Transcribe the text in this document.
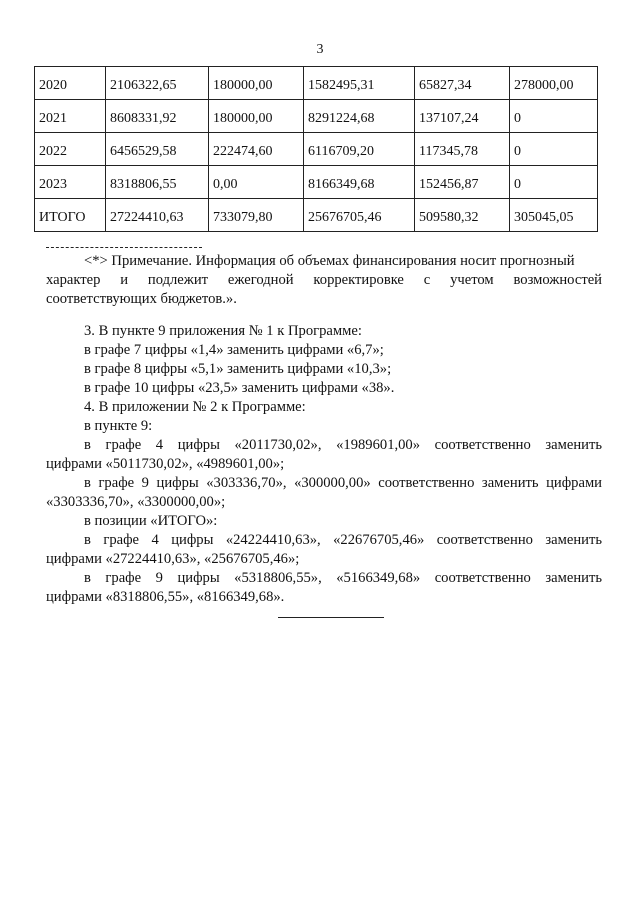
3
2020	2106322,65	180000,00	1582495,31	65827,34	278000,00
2021	8608331,92	180000,00	8291224,68	137107,24	0
2022	6456529,58	222474,60	6116709,20	117345,78	0
2023	8318806,55	0,00	8166349,68	152456,87	0
ИТОГО	27224410,63	733079,80	25676705,46	509580,32	305045,05
<*> Примечание. Информация об объемах финансирования носит прогнозный
характер и подлежит ежегодной корректировке с учетом возможностей
соответствующих бюджетов.».
3. В пункте 9 приложения № 1 к Программе:
в графе 7 цифры «1,4» заменить цифрами «6,7»;
в графе 8 цифры «5,1» заменить цифрами «10,3»;
в графе 10 цифры «23,5» заменить цифрами «38».
4. В приложении № 2 к Программе:
в пункте 9:
в графе 4 цифры «2011730,02», «1989601,00» соответственно заменить
цифрами «5011730,02», «4989601,00»;
в графе 9 цифры «303336,70», «300000,00» соответственно заменить цифрами
«3303336,70», «3300000,00»;
в позиции «ИТОГО»:
в графе 4 цифры «24224410,63», «22676705,46» соответственно заменить
цифрами «27224410,63», «25676705,46»;
в графе 9 цифры «5318806,55», «5166349,68» соответственно заменить
цифрами «8318806,55», «8166349,68».
